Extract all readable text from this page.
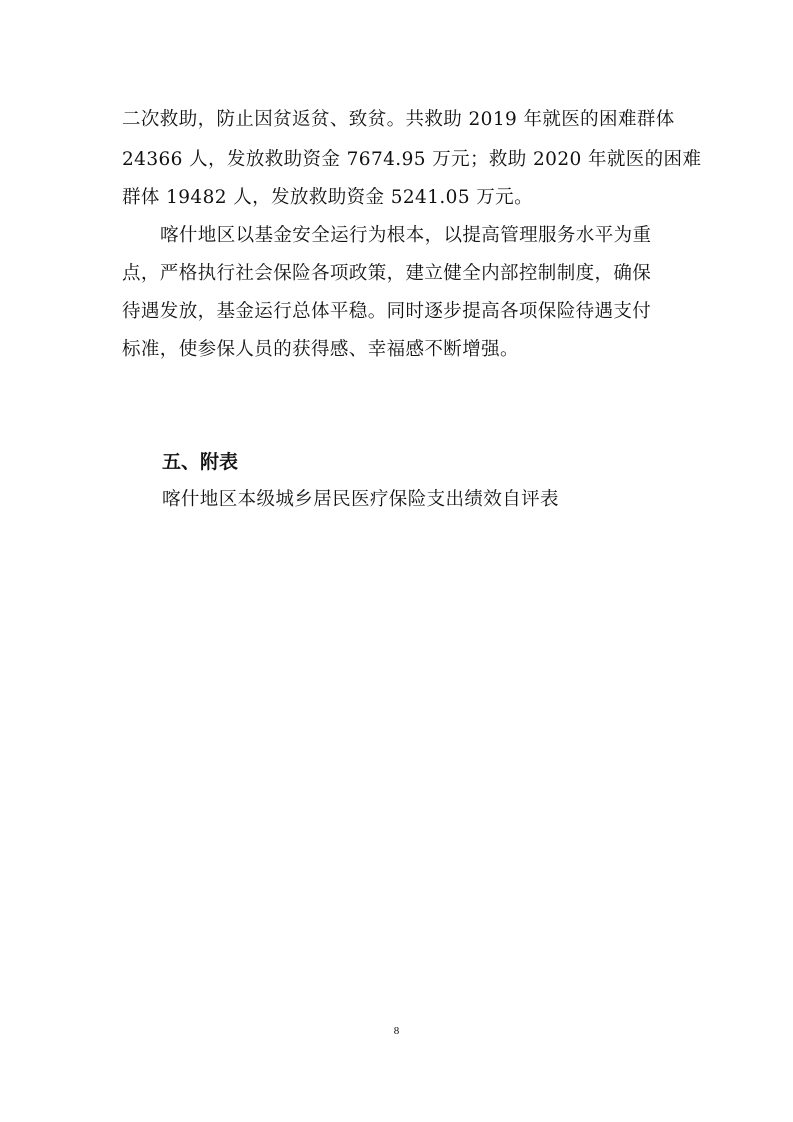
二次救助，防止因贫返贫、致贫。共救助 2019 年就医的困难群体
24366 人，发放救助资金 7674.95 万元；救助 2020 年就医的困难
群体 19482 人，发放救助资金 5241.05 万元。
喀什地区以基金安全运行为根本，以提高管理服务水平为重
点，严格执行社会保险各项政策，建立健全内部控制制度，确保
待遇发放，基金运行总体平稳。同时逐步提高各项保险待遇支付
标准，使参保人员的获得感、幸福感不断增强。
五、附表
喀什地区本级城乡居民医疗保险支出绩效自评表
8
